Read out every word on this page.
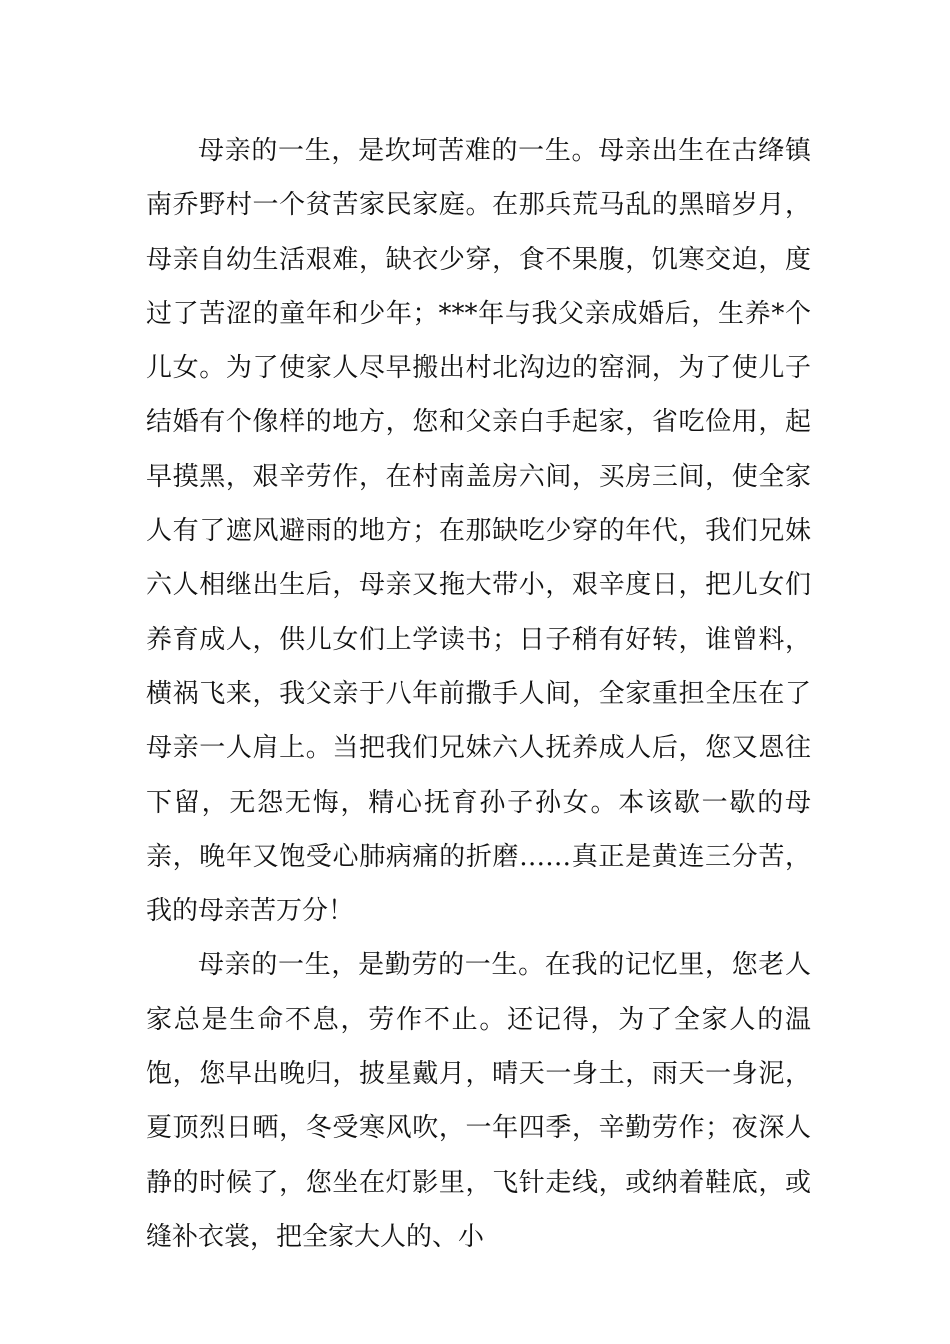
母亲的一生，是坎坷苦难的一生。母亲出生在古绛镇南乔野村一个贫苦家民家庭。在那兵荒马乱的黑暗岁月，母亲自幼生活艰难，缺衣少穿，食不果腹，饥寒交迫，度过了苦涩的童年和少年；***年与我父亲成婚后，生养*个儿女。为了使家人尽早搬出村北沟边的窑洞，为了使儿子结婚有个像样的地方，您和父亲白手起家，省吃俭用，起早摸黑，艰辛劳作，在村南盖房六间，买房三间，使全家人有了遮风避雨的地方；在那缺吃少穿的年代，我们兄妹六人相继出生后，母亲又拖大带小，艰辛度日，把儿女们养育成人，供儿女们上学读书；日子稍有好转，谁曾料，横祸飞来，我父亲于八年前撒手人间，全家重担全压在了母亲一人肩上。当把我们兄妹六人抚养成人后，您又恩往下留，无怨无悔，精心抚育孙子孙女。本该歇一歇的母亲，晚年又饱受心肺病痛的折磨……真正是黄连三分苦，我的母亲苦万分！

母亲的一生，是勤劳的一生。在我的记忆里，您老人家总是生命不息，劳作不止。还记得，为了全家人的温饱，您早出晚归，披星戴月，晴天一身土，雨天一身泥，夏顶烈日晒，冬受寒风吹，一年四季，辛勤劳作；夜深人静的时候了，您坐在灯影里，飞针走线，或纳着鞋底，或缝补衣裳，把全家大人的、小
